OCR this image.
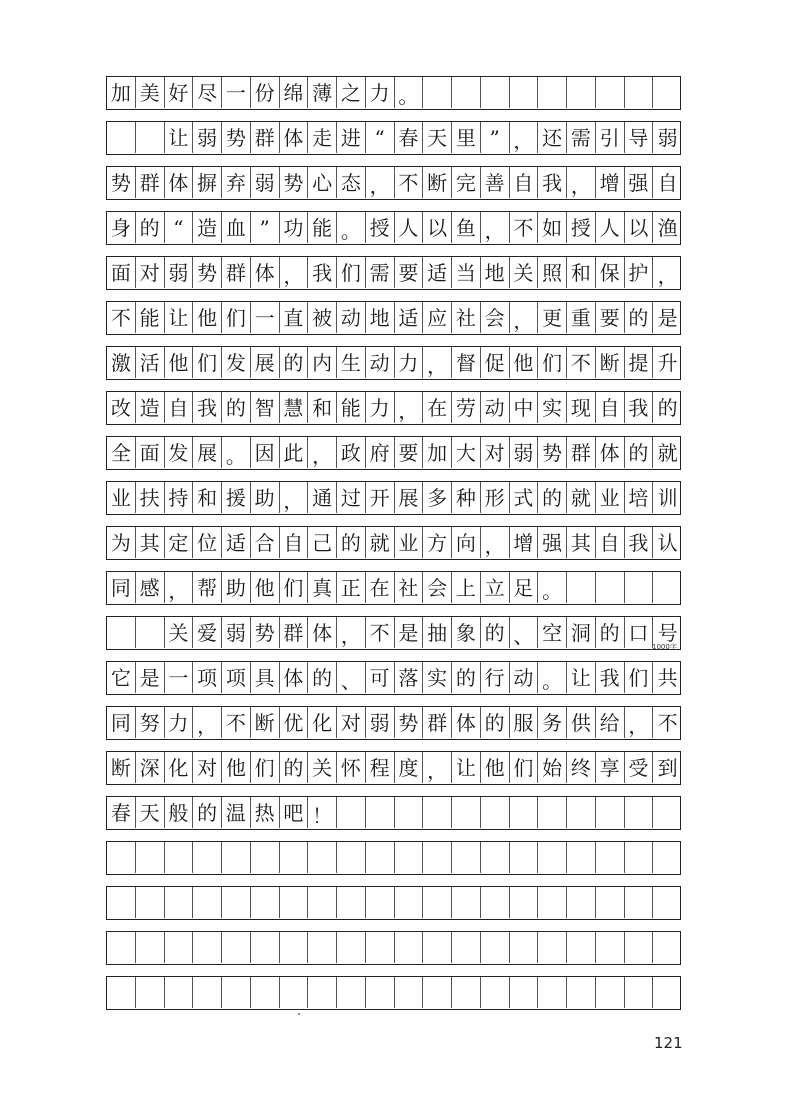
加 美 好 尽 一 份 绵 薄 之 力 。
让 弱 势 群 体 走 进 “ 春 天 里 ” ， 还 需 引 导 弱
势 群 体 摒 弃 弱 势 心 态 ， 不 断 完 善 自 我 ， 增 强 自
身 的 “ 造 血 ” 功 能 。 授 人 以 鱼 ， 不 如 授 人 以 渔
面 对 弱 势 群 体 ， 我 们 需 要 适 当 地 关 照 和 保 护 ，
不 能 让 他 们 一 直 被 动 地 适 应 社 会 ， 更 重 要 的 是
激 活 他 们 发 展 的 内 生 动 力 ， 督 促 他 们 不 断 提 升
改 造 自 我 的 智 慧 和 能 力 ， 在 劳 动 中 实 现 自 我 的
全 面 发 展 。 因 此 ， 政 府 要 加 大 对 弱 势 群 体 的 就
业 扶 持 和 援 助 ， 通 过 开 展 多 种 形 式 的 就 业 培 训
为 其 定 位 适 合 自 己 的 就 业 方 向 ， 增 强 其 自 我 认
同 感 ， 帮 助 他 们 真 正 在 社 会 上 立 足 。
关 爱 弱 势 群 体 ， 不 是 抽 象 的 、 空 洞 的 口 号
它 是 一 项 项 具 体 的 、 可 落 实 的 行 动 。 让 我 们 共
同 努 力 ， 不 断 优 化 对 弱 势 群 体 的 服 务 供 给 ， 不
断 深 化 对 他 们 的 关 怀 程 度 ， 让 他 们 始 终 享 受 到
春 天 般 的 温 热 吧 ！
1000字
121
